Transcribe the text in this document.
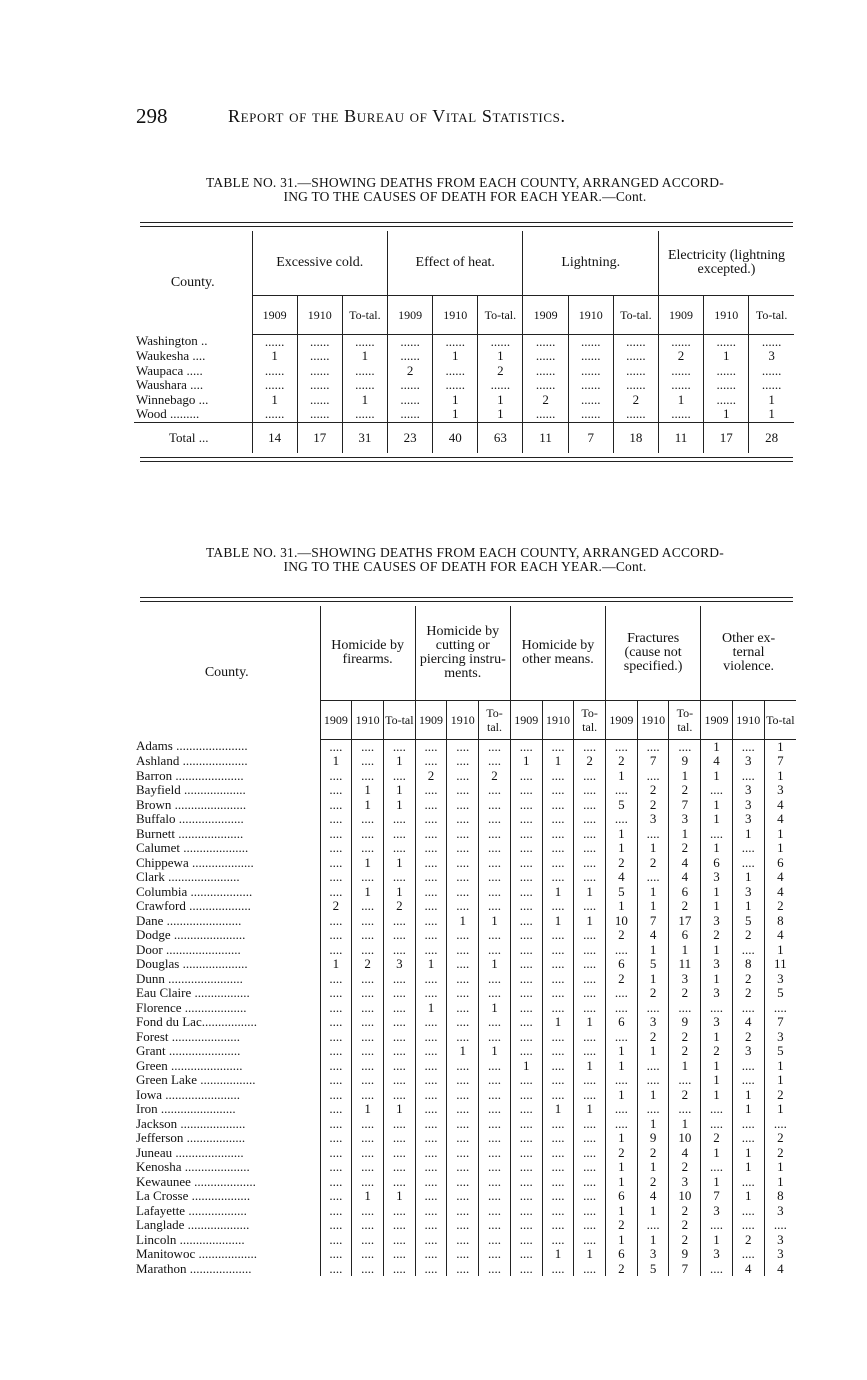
298	Report of the Bureau of Vital Statistics.
TABLE NO. 31.—SHOWING DEATHS FROM EACH COUNTY, ARRANGED ACCORD-
ING TO THE CAUSES OF DEATH FOR EACH YEAR.—Cont.
County.	Excessive cold.			Effect of heat.			Lightning.			Electricity (lightning excepted.)		
	1909	1910	To-tal.	1909	1910	To-tal.	1909	1910	To-tal.	1909	1910	To-tal.
Washington ..	......	......	......	......	......	......	......	......	......	......	......	......
Waukesha ....	1	......	1	......	1	1	......	......	......	2	1	3
Waupaca .....	......	......	......	2	......	2	......	......	......	......	......	......
Waushara ....	......	......	......	......	......	......	......	......	......	......	......	......
Winnebago ...	1	......	1	......	1	1	2	......	2	1	......	1
Wood .........	......	......	......	......	1	1	......	......	......	......	1	1
Total ...	14	17	31	23	40	63	11	7	18	11	17	28
TABLE NO. 31.—SHOWING DEATHS FROM EACH COUNTY, ARRANGED ACCORD-
ING TO THE CAUSES OF DEATH FOR EACH YEAR.—Cont.
County.	Homicide by firearms.			Homicide by cutting or piercing instru-ments.			Homicide by other means.			Fractures (cause not specified.)			Other ex-ternal violence.		
	1909	1910	To-tal	1909	1910	To-tal.	1909	1910	To-tal.	1909	1910	To-tal.	1909	1910	To-tal
Adams ......................	....	....	....	....	....	....	....	....	....	....	....	....	1	....	1
Ashland ....................	1	....	1	....	....	....	1	1	2	2	7	9	4	3	7
Barron .....................	....	....	....	2	....	2	....	....	....	1	....	1	1	....	1
Bayfield ...................	....	1	1	....	....	....	....	....	....	....	2	2	....	3	3
Brown ......................	....	1	1	....	....	....	....	....	....	5	2	7	1	3	4
Buffalo ....................	....	....	....	....	....	....	....	....	....	....	3	3	1	3	4
Burnett ....................	....	....	....	....	....	....	....	....	....	1	....	1	....	1	1
Calumet ....................	....	....	....	....	....	....	....	....	....	1	1	2	1	....	1
Chippewa ...................	....	1	1	....	....	....	....	....	....	2	2	4	6	....	6
Clark ......................	....	....	....	....	....	....	....	....	....	4	....	4	3	1	4
Columbia ...................	....	1	1	....	....	....	....	1	1	5	1	6	1	3	4
Crawford ...................	2	....	2	....	....	....	....	....	....	1	1	2	1	1	2
Dane .......................	....	....	....	....	1	1	....	1	1	10	7	17	3	5	8
Dodge ......................	....	....	....	....	....	....	....	....	....	2	4	6	2	2	4
Door .......................	....	....	....	....	....	....	....	....	....	....	1	1	1	....	1
Douglas ....................	1	2	3	1	....	1	....	....	....	6	5	11	3	8	11
Dunn .......................	....	....	....	....	....	....	....	....	....	2	1	3	1	2	3
Eau Claire .................	....	....	....	....	....	....	....	....	....	....	2	2	3	2	5
Florence ...................	....	....	....	1	....	1	....	....	....	....	....	....	....	....	....
Fond du Lac.................	....	....	....	....	....	....	....	1	1	6	3	9	3	4	7
Forest .....................	....	....	....	....	....	....	....	....	....	....	2	2	1	2	3
Grant ......................	....	....	....	....	1	1	....	....	....	1	1	2	2	3	5
Green ......................	....	....	....	....	....	....	1	....	1	1	....	1	1	....	1
Green Lake .................	....	....	....	....	....	....	....	....	....	....	....	....	1	....	1
Iowa .......................	....	....	....	....	....	....	....	....	....	1	1	2	1	1	2
Iron .......................	....	1	1	....	....	....	....	1	1	....	....	....	....	1	1
Jackson ....................	....	....	....	....	....	....	....	....	....	....	1	1	....	....	....
Jefferson ..................	....	....	....	....	....	....	....	....	....	1	9	10	2	....	2
Juneau .....................	....	....	....	....	....	....	....	....	....	2	2	4	1	1	2
Kenosha ....................	....	....	....	....	....	....	....	....	....	1	1	2	....	1	1
Kewaunee ...................	....	....	....	....	....	....	....	....	....	1	2	3	1	....	1
La Crosse ..................	....	1	1	....	....	....	....	....	....	6	4	10	7	1	8
Lafayette ..................	....	....	....	....	....	....	....	....	....	1	1	2	3	....	3
Langlade ...................	....	....	....	....	....	....	....	....	....	2	....	2	....	....	....
Lincoln ....................	....	....	....	....	....	....	....	....	....	1	1	2	1	2	3
Manitowoc ..................	....	....	....	....	....	....	....	1	1	6	3	9	3	....	3
Marathon ...................	....	....	....	....	....	....	....	....	....	2	5	7	....	4	4
